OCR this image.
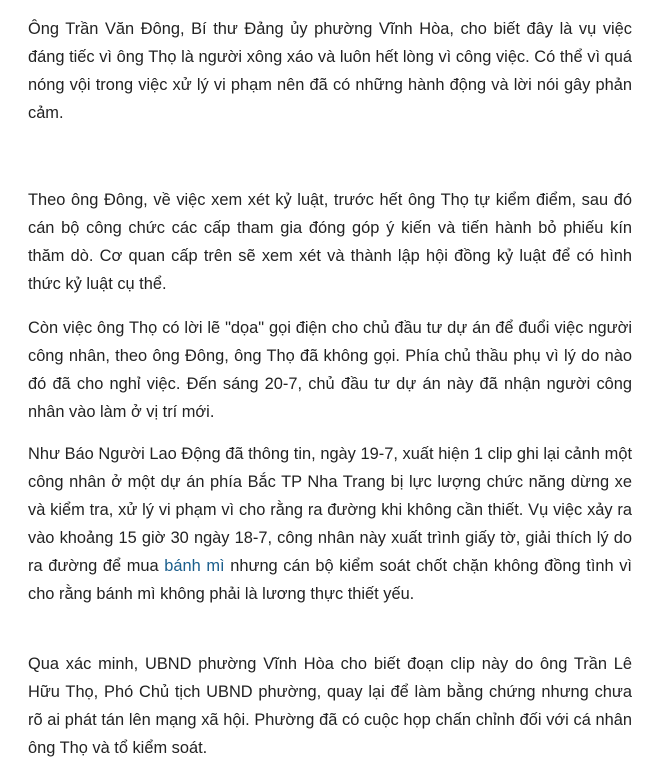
Ông Trần Văn Đông, Bí thư Đảng ủy phường Vĩnh Hòa, cho biết đây là vụ việc đáng tiếc vì ông Thọ là người xông xáo và luôn hết lòng vì công việc. Có thể vì quá nóng vội trong việc xử lý vi phạm nên đã có những hành động và lời nói gây phản cảm.

Theo ông Đông, về việc xem xét kỷ luật, trước hết ông Thọ tự kiểm điểm, sau đó cán bộ công chức các cấp tham gia đóng góp ý kiến và tiến hành bỏ phiếu kín thăm dò. Cơ quan cấp trên sẽ xem xét và thành lập hội đồng kỷ luật để có hình thức kỷ luật cụ thể.

Còn việc ông Thọ có lời lẽ "dọa" gọi điện cho chủ đầu tư dự án để đuổi việc người công nhân, theo ông Đông, ông Thọ đã không gọi. Phía chủ thầu phụ vì lý do nào đó đã cho nghỉ việc. Đến sáng 20-7, chủ đầu tư dự án này đã nhận người công nhân vào làm ở vị trí mới.

Như Báo Người Lao Động đã thông tin, ngày 19-7, xuất hiện 1 clip ghi lại cảnh một công nhân ở một dự án phía Bắc TP Nha Trang bị lực lượng chức năng dừng xe và kiểm tra, xử lý vi phạm vì cho rằng ra đường khi không cần thiết. Vụ việc xảy ra vào khoảng 15 giờ 30 ngày 18-7, công nhân này xuất trình giấy tờ, giải thích lý do ra đường để mua bánh mì nhưng cán bộ kiểm soát chốt chặn không đồng tình vì cho rằng bánh mì không phải là lương thực thiết yếu.

Qua xác minh, UBND phường Vĩnh Hòa cho biết đoạn clip này do ông Trần Lê Hữu Thọ, Phó Chủ tịch UBND phường, quay lại để làm bằng chứng nhưng chưa rõ ai phát tán lên mạng xã hội. Phường đã có cuộc họp chấn chỉnh đối với cá nhân ông Thọ và tổ kiểm soát.
